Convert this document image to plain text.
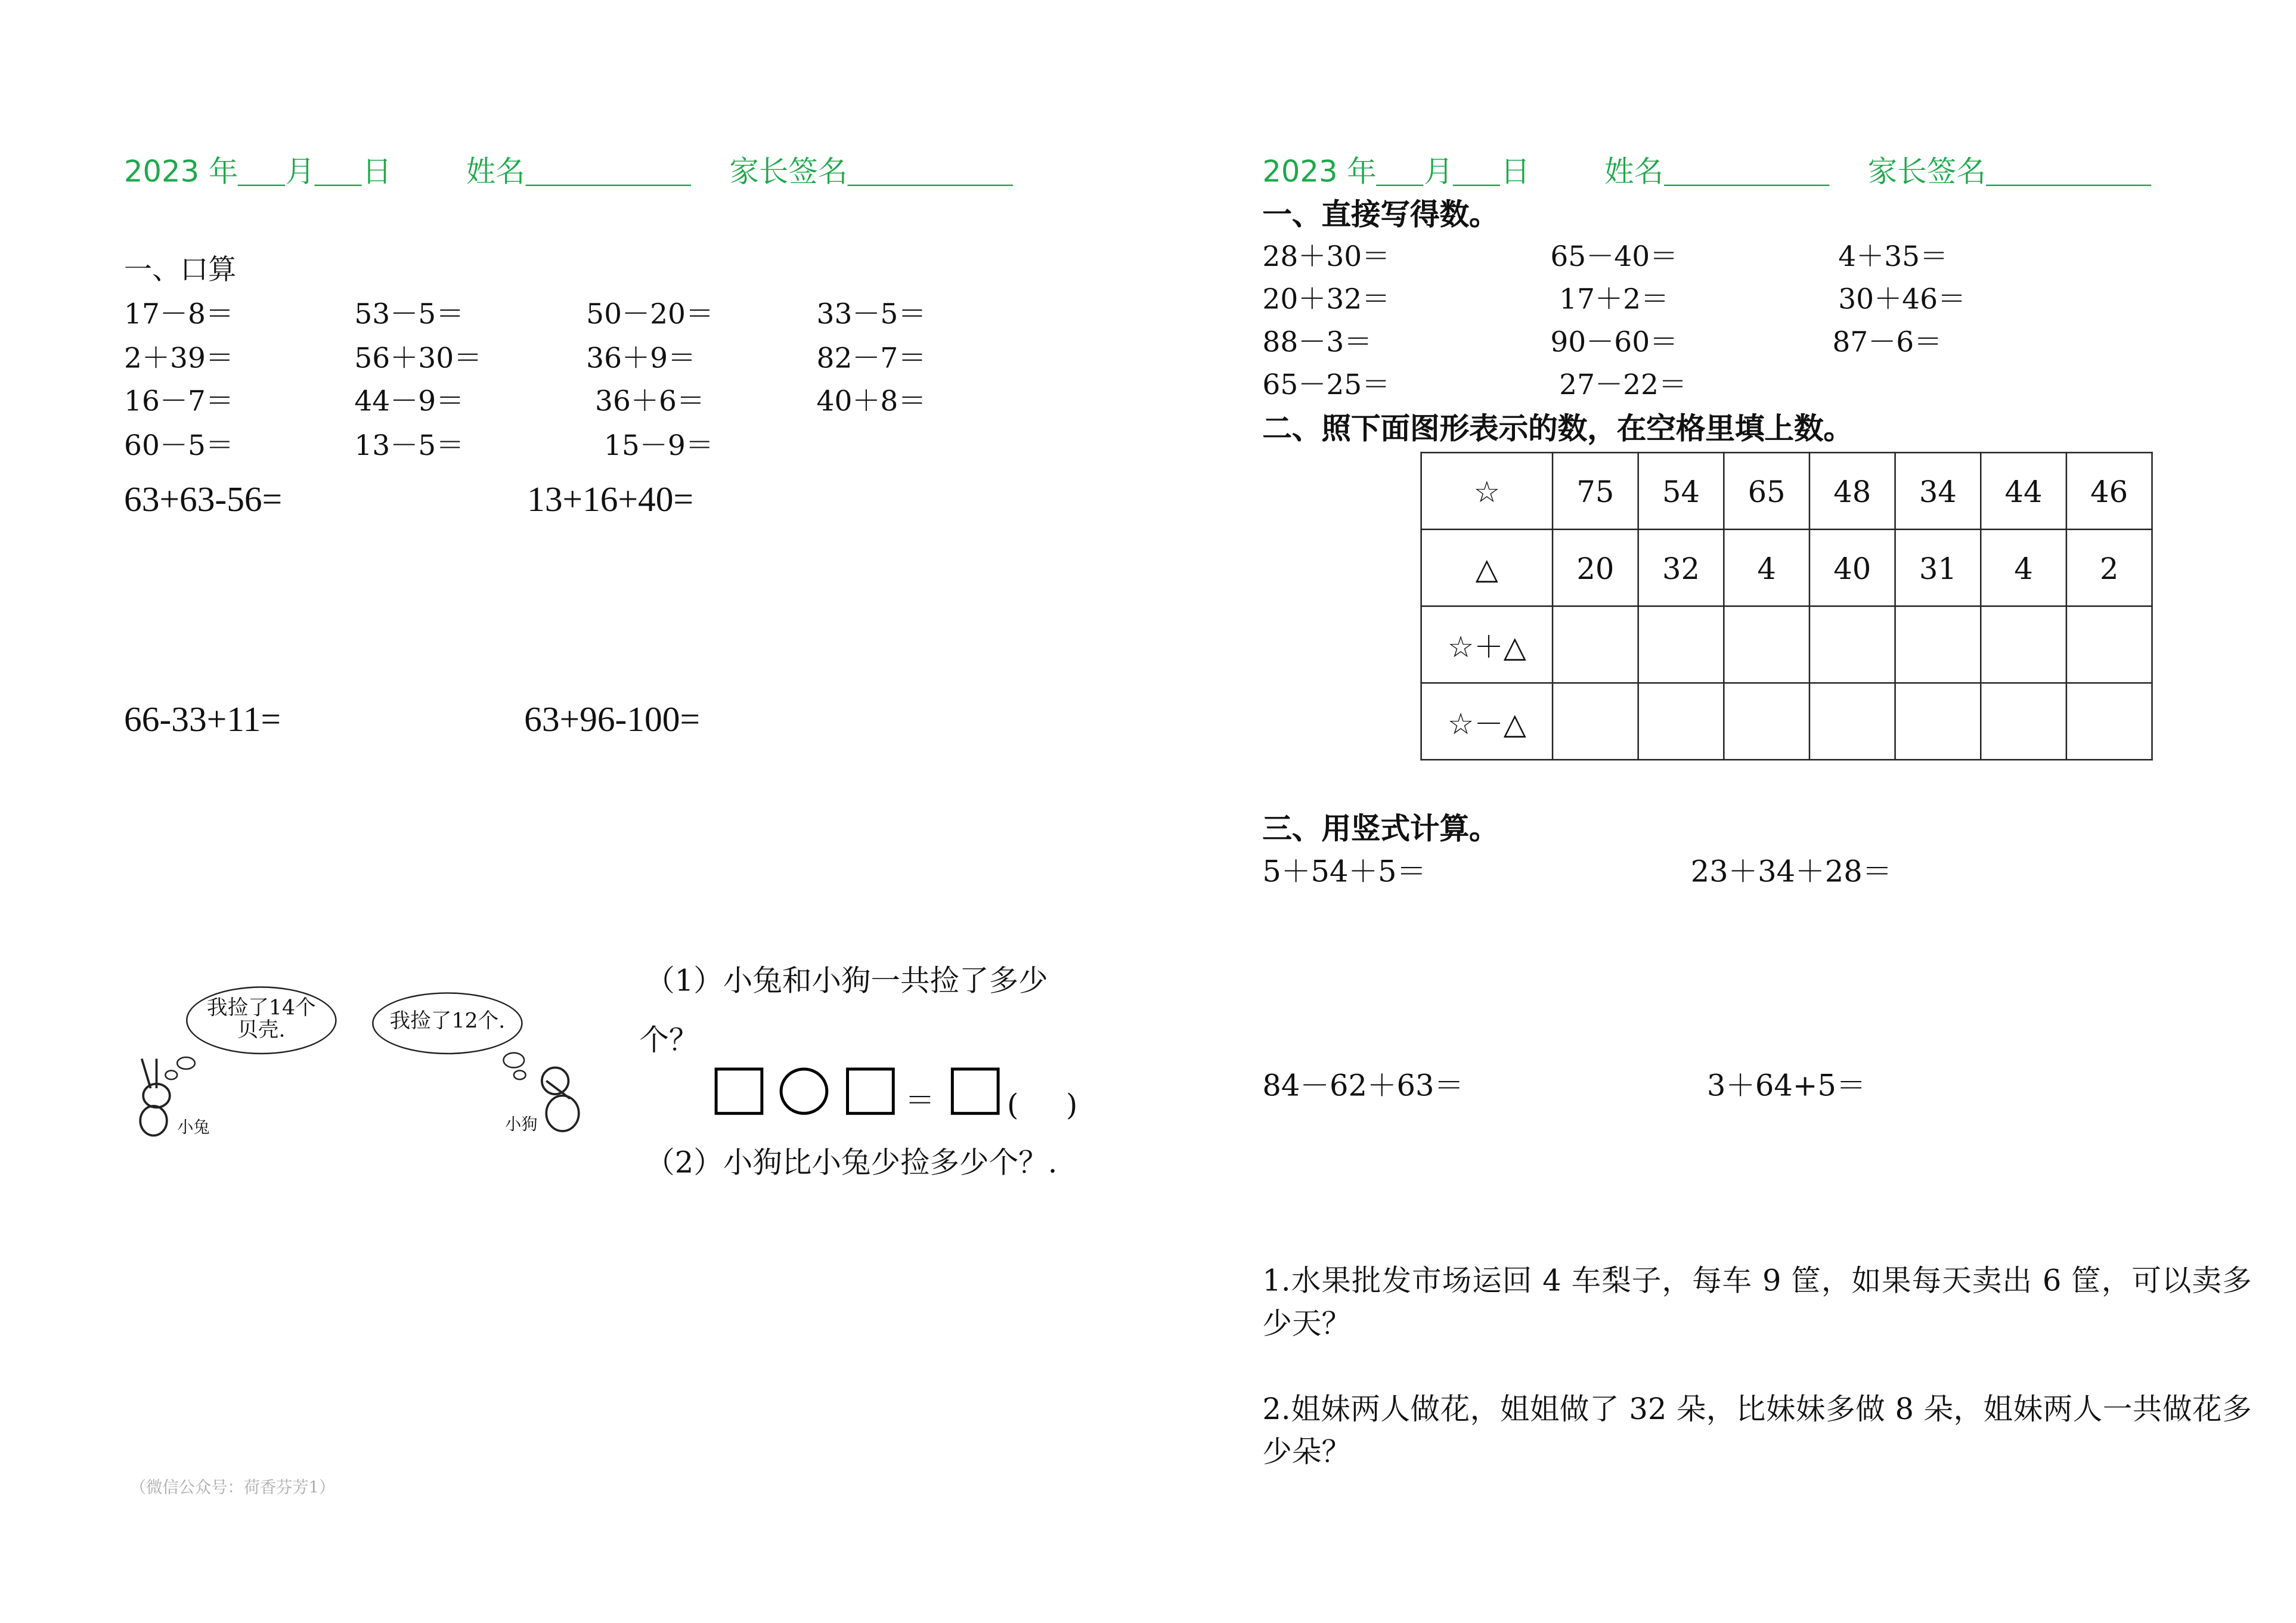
2023 年	月	日	姓名	家长签名
一、口算
17－8＝	53－5＝	50－20＝	33－5＝
2＋39＝	56＋30＝	36＋9＝	82－7＝
16－7＝	44－9＝	36＋6＝	40＋8＝
60－5＝	13－5＝	15－9＝
63+63-56=	13+16+40=
66-33+11=	63+96-100=
我捡了14个贝壳.	我捡了12个.
小兔	小狗
（1）小兔和小狗一共捡了多少
个？
＝	(	)
（2）小狗比小兔少捡多少个？.
（微信公众号：荷香芬芳1）
2023 年	月	日	姓名	家长签名
一、直接写得数。
28＋30＝	65－40＝	4＋35＝
20＋32＝	17＋2＝	30＋46＝
88－3＝	90－60＝	87－6＝
65－25＝	27－22＝
二、照下面图形表示的数，在空格里填上数。
☆	75	54	65	48	34	44	46
△	20	32	4	40	31	4	2
☆＋△							
☆－△							
三、用竖式计算。
5＋54＋5＝	23＋34＋28＝
84－62＋63＝	3＋64+5＝
1.水果批发市场运回 4 车梨子，每车 9 筐，如果每天卖出 6 筐，可以卖多少天？
2.姐妹两人做花，姐姐做了 32 朵，比妹妹多做 8 朵，姐妹两人一共做花多少朵？
